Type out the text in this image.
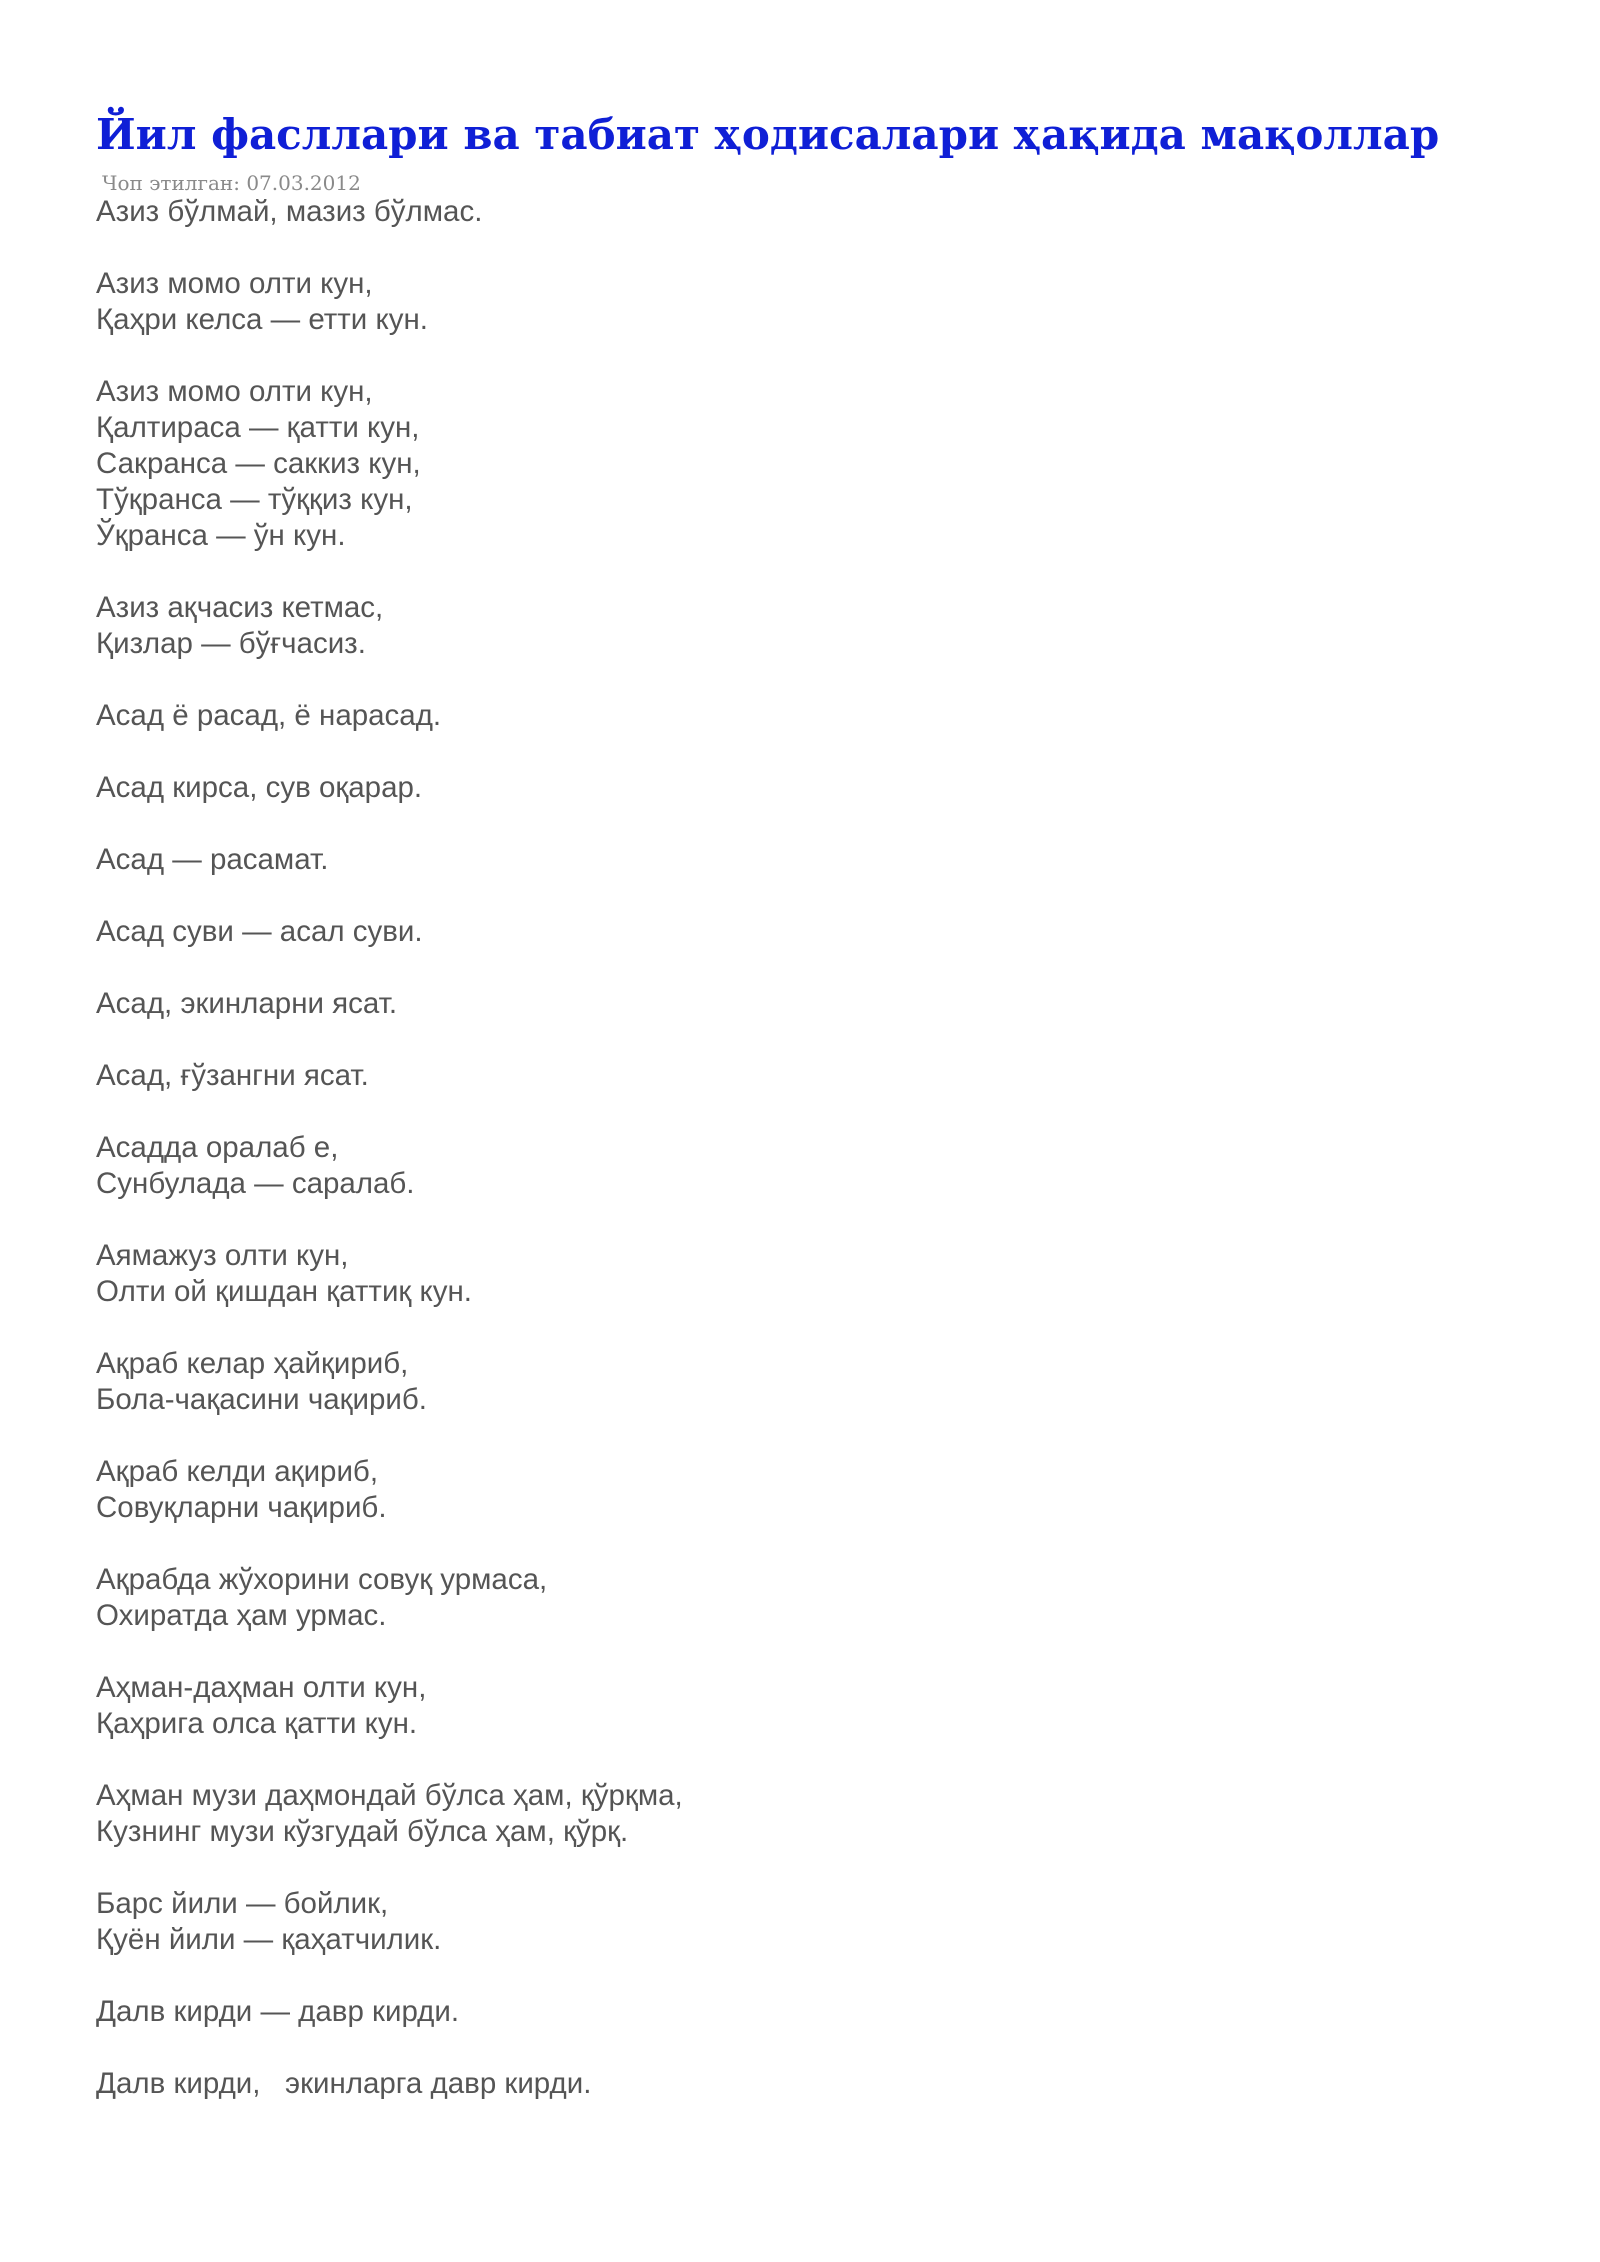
Йил фасллари ва табиат ҳодисалари ҳақида мақоллар
Чоп этилган: 07.03.2012
Азиз бўлмай, мазиз бўлмас.
Азиз момо олти кун,
Қаҳри келса — етти кун.
Азиз момо олти кун,
Қалтираса — қатти кун,
Сакранса — саккиз кун,
Тўқранса — тўққиз кун,
Ўқранса — ўн кун.
Азиз ақчасиз кетмас,
Қизлар — бўғчасиз.
Асад ё расад, ё нарасад.
Асад кирса, сув оқарар.
Асад — расамат.
Асад суви — асал суви.
Асад, экинларни ясат.
Асад, ғўзангни ясат.
Асадда оралаб е,
Сунбулада — саралаб.
Аямажуз олти кун,
Олти ой қишдан қаттиқ кун.
Ақраб келар ҳайқириб,
Бола-чақасини чақириб.
Ақраб келди ақириб,
Совуқларни чақириб.
Ақрабда жўхорини совуқ урмаса,
Охиратда ҳам урмас.
Аҳман-даҳман олти кун,
Қаҳрига олса қатти кун.
Аҳман музи даҳмондай бўлса ҳам, қўрқма,
Кузнинг музи кўзгудай бўлса ҳам, қўрқ.
Барс йили — бойлик,
Қуён йили — қаҳатчилик.
Далв кирди — давр кирди.
Далв кирди,   экинларга давр кирди.
